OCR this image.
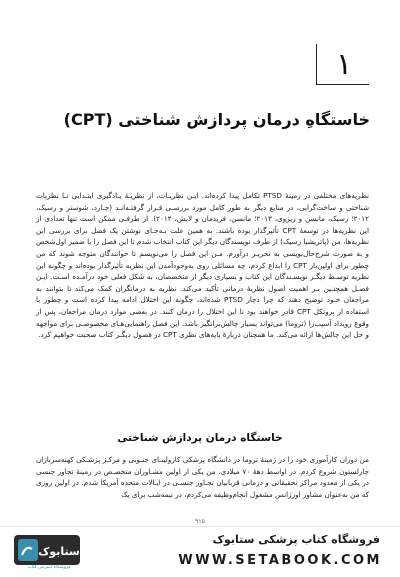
۱
خاستگاهِ درمان پردازش شناختی (CPT)

نظریه‌های مختلفی در زمینهٔ PTSD تکامل پیدا کرده‌اند. ایـن نظریـات، از نظریـهٔ یـادگیری ابتـدایی تـا نظریات شناختی و ساخت‌گرایی، در منابع دیگر به طور کامل مورد بررسـی قـرار گرفتـه‌انـد (چـارد، شوستر و رسیک، ۲۰۱۲؛ رسیک، مانسن و ریزوی، ۲۰۱۳؛ مانسن، فریدمان و لایش، ۲۰۱۴). از طرفـی ممکن است تنها تعدادی از این نظریه‌ها در توسعهٔ CPT تأثیرگذار بوده باشند. به همین علت بـه‌جـای نوشتن یک فصل برای بررسی این نظریه‌ها، من (پاتریشیا رسیک) از طرف نویسندگان دیگر این کتاب انتخاب شدم تا این فصل را با ضمیر اول‌شخص و به صورت شرح‌حال‌نویسی به تحریـر درآورم. مـن این فصل را می‌نویسم تا خوانندگان متوجه شوند که من چطور برای اولین‌بار CPT را ابداع کردم، چه مسائلی روی به‌وجودآمدن این نظریه تأثیرگذار بوده‌اند و چگونه این نظریه توسـط دیگـر نویسـندگان این کتاب و بسیاری دیگر از متخصصان، به شکل فعلی خود درآمـده اسـت. ایـن فصـل همچنـین بـر اهمیت اصول نظریهٔ درمانی تأکید می‌کند. نظریه به درمانگران کمک می‌کند تا بتوانند به مراجعان خـود توضیح دهند که چرا دچار PTSD شده‌اند، چگونه این اختلال ادامه پیدا کرده است و چطور با استفاده از پروتکل CPT قادر خواهند بود تا این اختلال را درمان کنند. در بعضی موارد درمان مراجعان، پس از وقوع رویداد آسیب‌زا (تروما) می‌تواند بسیار چالش‌برانگیز باشد. این فصل راهنمایی‌هـای مخصوصـی برای مواجهه و حل این چالش‌ها ارائه می‌کند. ما همچنان دربارهٔ پایه‌های نظری CPT در فصول دیگـر کتاب صحبت خواهیم کرد.

خاستگاه درمان پردازش شناختی
من دوران کارآموزی خود را در زمینهٔ تروما در دانشگاه پزشکی کارولینـای جنـوبی و مرکـز پزشـکی کهنه‌سربازان چارلستون شروع کردم. در اواسط دههٔ ۷۰ میلادی، من یکی از اولین مشـاوران متخصـص در زمینهٔ تجاوز جنسی در یکی از معدود مراکز تحقیقاتی و درمانی قربانیان تجـاوز جنسـی در ایـالات متحده آمریکا شدم. در اولین روزی که من به‌عنوان مشاور اورژانس مشغول انجام‌وظیفه می‌کردم، در نیمه‌شب برای یک
۹۱۵
ستابوک
فروشگاه اینترنتی کتاب
فروشگاه کتاب پزشکی ستابوک
WWW.SETABOOK.COM
